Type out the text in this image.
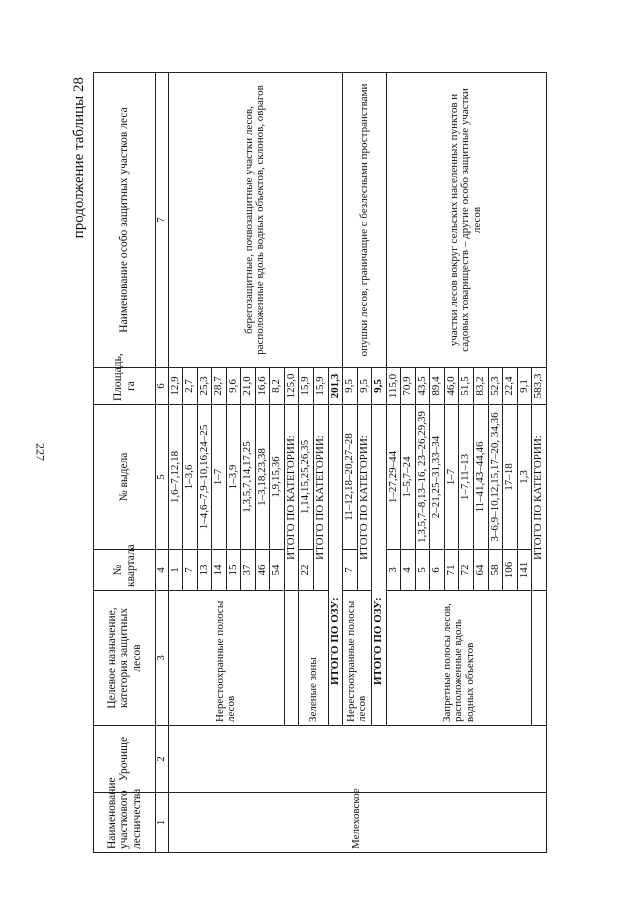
227
продолжение таблицы 28
Наименование участкового лесничества	Урочище	Целевое назначение, категория защитных лесов	№ квартала	№ выдела	Площадь, га	Наименование особо защитных участков леса
1	2	3	4	5	6	7
Мелеховское		Нерестоохранные полосы лесов	1	1,6–7,12,18	12,9	берегозащитные, почвозащитные участки лесов, расположенные вдоль водных объектов, склонов, оврагов
			7	1–3,6	2,7	
			13	1–4,6–7,9–10,16,24–25	25,3	
			14	1–7	28,7	
			15	1–3,9	9,6	
			37	1,3,5,7,14,17,25	21,0	
			46	1–3,18,23,38	16,6	
			54	1,9,15,36	8,2	
			ИТОГО ПО КАТЕГОРИИ:		125,0	
		Зеленые зоны	22	1,14,15,25,26,35	15,9	
			ИТОГО ПО КАТЕГОРИИ:		15,9	
		ИТОГО ПО ОЗУ:			201,3	
		Нерестоохранные полосы лесов	7	11–12,18–20,27–28	9,5	опушки лесов, граничащие с безлесными пространствами
			ИТОГО ПО КАТЕГОРИИ:		9,5	
		ИТОГО ПО ОЗУ:			9,5	
		Запретные полосы лесов, расположенные вдоль водных объектов	3	1–27,29–44	115,0	участки лесов вокруг сельских населенных пунктов и садовых товариществ – другие особо защитные участки лесов
			4	1–5,7–24	70,9	
			5	1,3,5,7–8,13–16, 23–26,29,39	43,5	
			6	2–21,25–31,33–34	89,4	
			71	1–7	46,0	
			72	1–7,11–13	51,5	
			64	11–41,43–44,46	83,2	
			58	3–6,9–10,12,15,17–20, 34,36	52,3	
			106	17–18	22,4	
			141	1,3	9,1	
			ИТОГО ПО КАТЕГОРИИ:		583,3	
